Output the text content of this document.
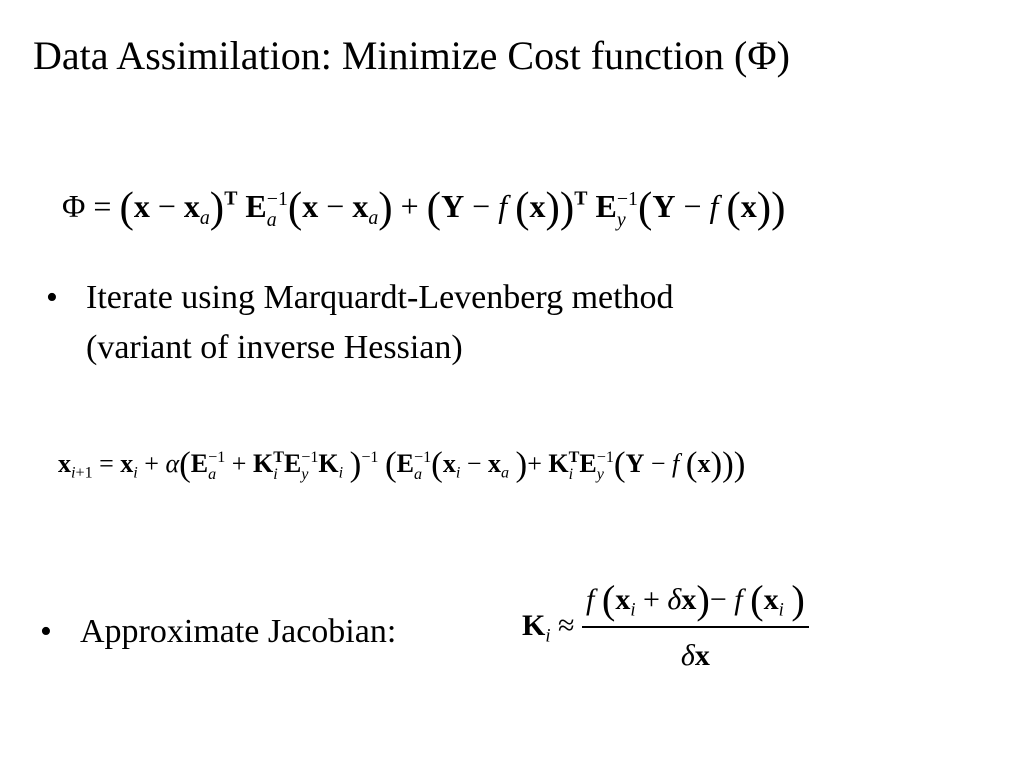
Data Assimilation: Minimize Cost function (Φ)
$\Phi = (x - x_a)^T$ E −1
a $(x - x_a) + (Y - f$ (x))$^T$ E −1
y (Y − f (x))
• Iterate using Marquardt-Levenberg method
(variant of inverse Hessian)
$x_{i+1} = x_i + \alpha(E -1$
a + K T
i E −1
y $K_i$ )$^{-1}$ (E −1
a ($x_i - x_a$ )+ K T
i E −1
y (Y − f (x)))
• Approximate Jacobian:	$K_i \approx \frac{f (x_i + \delta x)- f (x_i )}{\delta x}$
